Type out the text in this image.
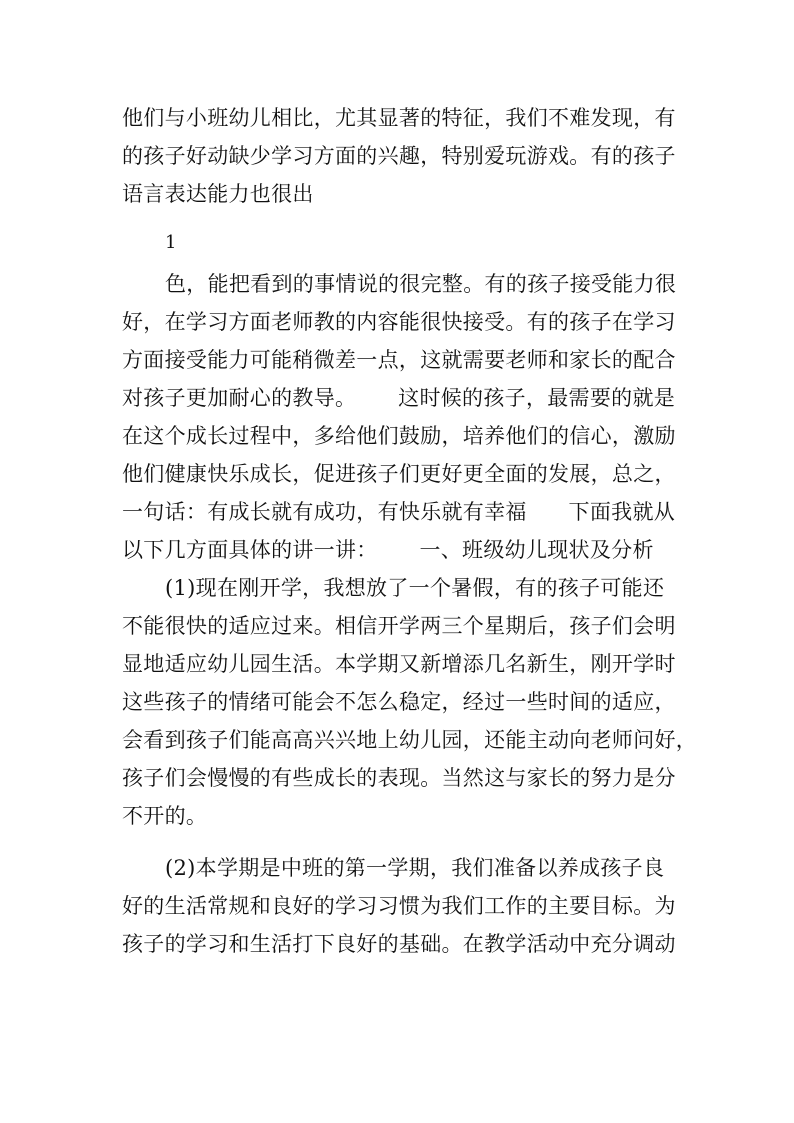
他们与小班幼儿相比，尤其显著的特征，我们不难发现，有
的孩子好动缺少学习方面的兴趣，特别爱玩游戏。有的孩子
语言表达能力也很出
1
色，能把看到的事情说的很完整。有的孩子接受能力很
好，在学习方面老师教的内容能很快接受。有的孩子在学习
方面接受能力可能稍微差一点，这就需要老师和家长的配合
对孩子更加耐心的教导。      这时候的孩子，最需要的就是
在这个成长过程中，多给他们鼓励，培养他们的信心，激励
他们健康快乐成长，促进孩子们更好更全面的发展，总之，
一句话：有成长就有成功，有快乐就有幸福      下面我就从
以下几方面具体的讲一讲：      一、班级幼儿现状及分析
(1)现在刚开学，我想放了一个暑假，有的孩子可能还
不能很快的适应过来。相信开学两三个星期后，孩子们会明
显地适应幼儿园生活。本学期又新增添几名新生，刚开学时
这些孩子的情绪可能会不怎么稳定，经过一些时间的适应，
会看到孩子们能高高兴兴地上幼儿园，还能主动向老师问好，
孩子们会慢慢的有些成长的表现。当然这与家长的努力是分
不开的。
(2)本学期是中班的第一学期，我们准备以养成孩子良
好的生活常规和良好的学习习惯为我们工作的主要目标。为
孩子的学习和生活打下良好的基础。在教学活动中充分调动
